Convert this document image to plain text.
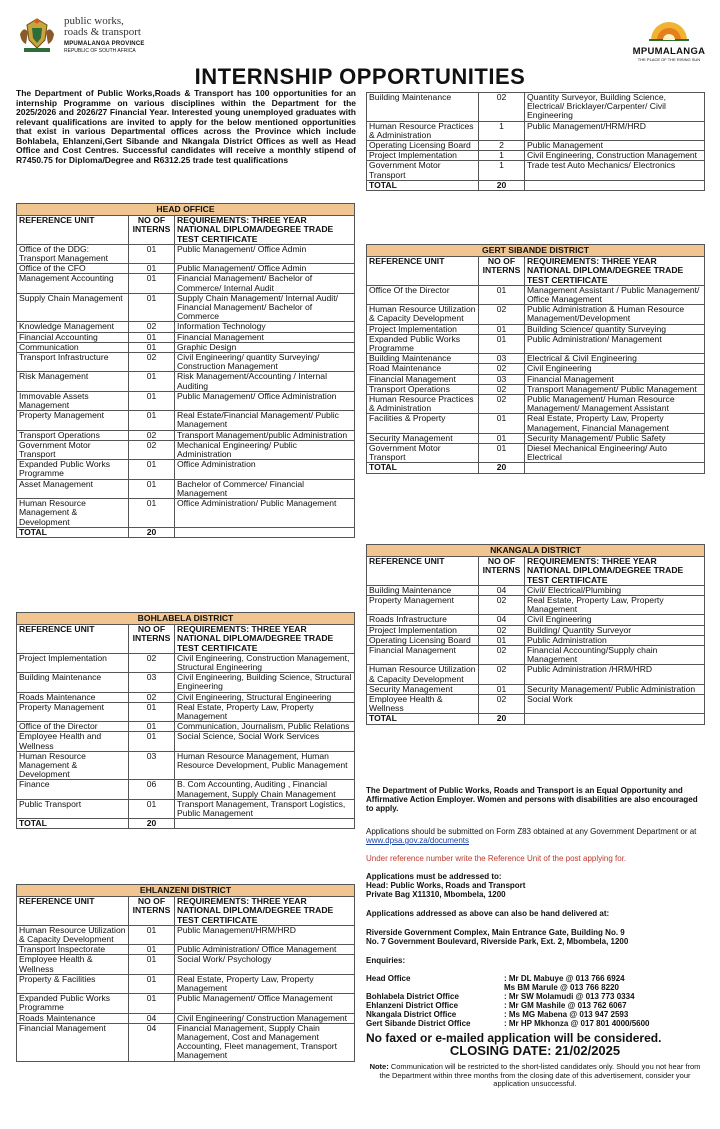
public works,
roads & transport
MPUMALANGA PROVINCE
REPUBLIC OF SOUTH AFRICA	MPUMALANGA
THE PLACE OF THE RISING SUN
INTERNSHIP OPPORTUNITIES
The Department of Public Works,Roads & Transport has 100 opportunities for an internship Programme on various disciplines within the Department for the 2025/2026 and 2026/27 Financial Year. Interested young unemployed graduates with relevant qualifications are invited to apply for the below mentioned opportunities that exist in various Departmental offices across the Province which include Bohlabela, Ehlanzeni,Gert Sibande and Nkangala District Offices as well as Head Office and Cost Centres. Successful candidates will receive a monthly stipend of R7450.75 for Diploma/Degree and R6312.25 trade test qualifications
HEAD OFFICE		
REFERENCE UNIT	NO OF INTERNS	REQUIREMENTS: THREE YEAR NATIONAL DIPLOMA/DEGREE TRADE TEST CERTIFICATE
Office of the DDG: Transport Management	01	Public Management/ Office Admin
Office of the CFO	01	Public Management/ Office Admin
Management Accounting	01	Financial Management/ Bachelor of Commerce/ Internal Audit
Supply Chain Management	01	Supply Chain Management/ Internal Audit/ Financial Management/ Bachelor of Commerce
Knowledge Management	02	Information Technology
Financial Accounting	01	Financial Management
Communication	01	Graphic Design
Transport Infrastructure	02	Civil Engineering/ quantity Surveying/ Construction Management
Risk Management	01	Risk Management/Accounting / Internal Auditing
Immovable Assets Management	01	Public Management/ Office Administration
Property Management	01	Real Estate/Financial Management/ Public Management
Transport Operations	02	Transport Management/public Administration
Government Motor Transport	02	Mechanical Engineering/ Public Administration
Expanded Public Works Programme	01	Office Administration
Asset Management	01	Bachelor of Commerce/ Financial Management
Human Resource Management & Development	01	Office Administration/ Public Management
TOTAL	20	
BOHLABELA DISTRICT		
REFERENCE UNIT	NO OF INTERNS	REQUIREMENTS: THREE YEAR NATIONAL DIPLOMA/DEGREE TRADE TEST CERTIFICATE
Project Implementation	02	Civil Engineering, Construction Management, Structural Engineering
Building Maintenance	03	Civil Engineering, Building Science, Structural Engineering
Roads Maintenance	02	Civil Engineering, Structural Engineering
Property Management	01	Real Estate, Property Law, Property Management
Office of the Director	01	Communication, Journalism, Public Relations
Employee Health and Wellness	01	Social Science, Social Work Services
Human Resource Management & Development	03	Human Resource Management, Human Resource Development, Public Management
Finance	06	B. Com Accounting, Auditing , Financial Management, Supply Chain Management
Public Transport	01	Transport Management, Transport Logistics, Public Management
TOTAL	20	
EHLANZENI DISTRICT		
REFERENCE UNIT	NO OF INTERNS	REQUIREMENTS: THREE YEAR NATIONAL DIPLOMA/DEGREE TRADE TEST CERTIFICATE
Human Resource Utilization & Capacity Development	01	Public Management/HRM/HRD
Transport Inspectorate	01	Public Administration/ Office Management
Employee Health & Wellness	01	Social Work/ Psychology
Property & Facilities	01	Real Estate, Property Law, Property Management
Expanded Public Works Programme	01	Public Management/ Office Management
Roads Maintenance	04	Civil Engineering/ Construction Management
Financial Management	04	Financial Management, Supply Chain Management, Cost and Management Accounting, Fleet management, Transport Management
Building Maintenance	02	Quantity Surveyor, Building Science, Electrical/ Bricklayer/Carpenter/ Civil Engineering
Human Resource Practices & Administration	1	Public Management/HRM/HRD
Operating Licensing Board	2	Public Management
Project Implementation	1	Civil Engineering, Construction Management
Government Motor Transport	1	Trade test Auto Mechanics/ Electronics
TOTAL	20	
GERT SIBANDE DISTRICT		
REFERENCE UNIT	NO OF INTERNS	REQUIREMENTS: THREE YEAR NATIONAL DIPLOMA/DEGREE TRADE TEST CERTIFICATE
Office Of the Director	01	Management Assistant / Public Management/ Office Management
Human Resource Utilization & Capacity Development	02	Public Administration & Human Resource Management/Development
Project Implementation	01	Building Science/ quantity Surveying
Expanded Public Works Programme	01	Public Administration/ Management
Building Maintenance	03	Electrical & Civil Engineering
Road Maintenance	02	Civil Engineering
Financial Management	03	Financial Management
Transport Operations	02	Transport Management/ Public Management
Human Resource Practices & Administration	02	Public Management/ Human Resource Management/ Management Assistant
Facilities & Property	01	Real Estate, Property Law, Property Management, Financial Management
Security Management	01	Security Management/ Public Safety
Government Motor Transport	01	Diesel Mechanical Engineering/ Auto Electrical
TOTAL	20	
NKANGALA DISTRICT		
REFERENCE UNIT	NO OF INTERNS	REQUIREMENTS: THREE YEAR NATIONAL DIPLOMA/DEGREE TRADE TEST CERTIFICATE
Building Maintenance	04	Civil/ Electrical/Plumbing
Property Management	02	Real Estate, Property Law, Property Management
Roads Infrastructure	04	Civil Engineering
Project Implementation	02	Building/ Quantity Surveyor
Operating Licensing Board	01	Public Administration
Financial Management	02	Financial Accounting/Supply chain Management
Human Resource Utilization & Capacity Development	02	Public Administration /HRM/HRD
Security Management	01	Security Management/ Public Administration
Employee Health & Wellness	02	Social Work
TOTAL	20	

The Department of Public Works, Roads and Transport is an Equal Opportunity and Affirmative Action Employer. Women and persons with disabilities are also encouraged to apply.

Applications should be submitted on Form Z83 obtained at any Government Department or at www.dpsa.gov.za/documents

Under reference number write the Reference Unit of the post applying for.

Applications must be addressed to:

Head: Public Works, Roads and Transport

Private Bag X11310, Mbombela, 1200

Applications addressed as above can also be hand delivered at:

Riverside Government Complex, Main Entrance Gate, Building No. 9

No. 7 Government Boulevard, Riverside Park, Ext. 2, Mbombela, 1200

Enquiries:

Head Office	: Mr DL Mabuye @ 013 766 6924
Ms BM Marule @ 013 766 8220
Bohlabela District Office	: Mr SW Molamudi @ 013 773 0334
Ehlanzeni District Office	: Mr GM Mashile @ 013 762 6067
Nkangala District Office	: Ms MG Mabena @ 013 947 2593
Gert Sibande District Office	: Mr HP Mkhonza @ 017 801 4000/5600

No faxed or e-mailed application will be considered.

CLOSING DATE: 21/02/2025

Note: Communication will be restricted to the short-listed candidates only. Should you not hear from the Department within three months from the closing date of this advertisement, consider your application unsuccessful.
